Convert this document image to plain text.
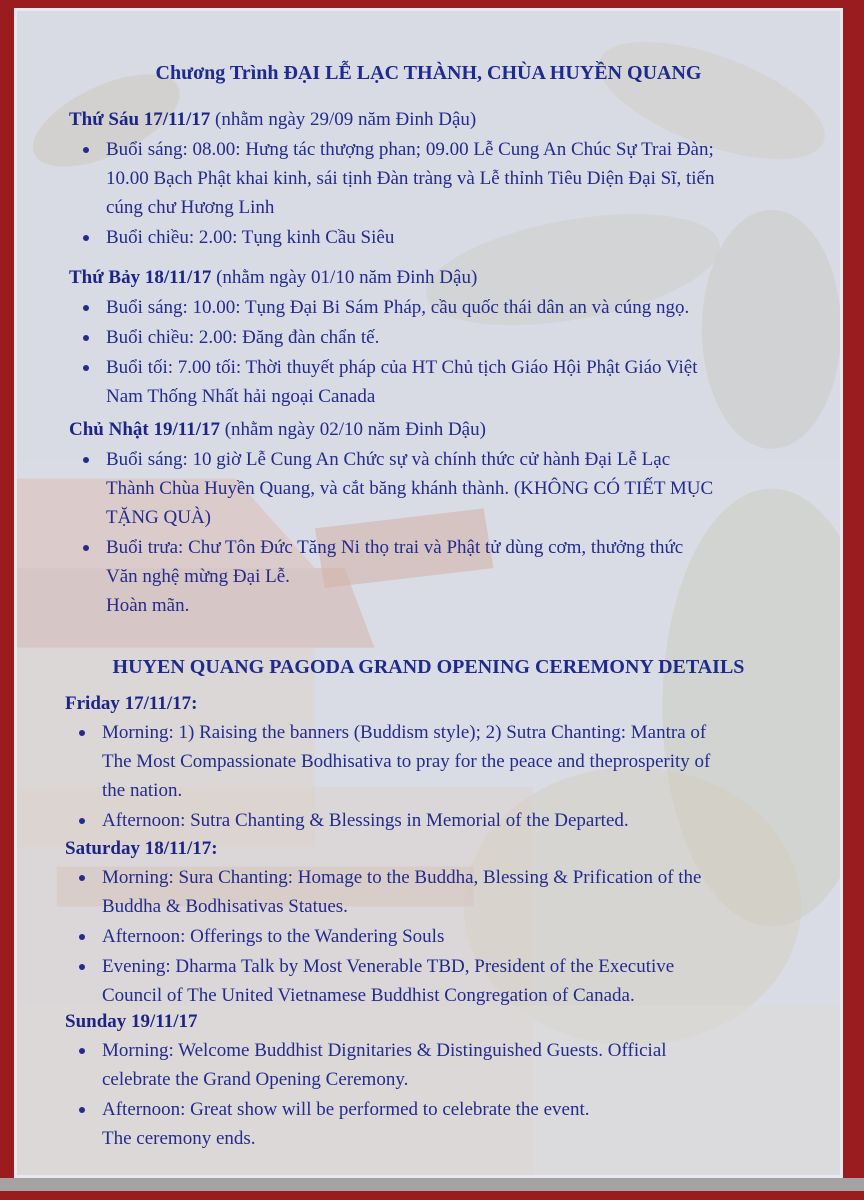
Chương Trình ĐẠI LỄ LẠC THÀNH, CHÙA HUYỀN QUANG
Thứ Sáu 17/11/17 (nhằm ngày 29/09 năm Đinh Dậu)
Buổi sáng: 08.00: Hưng tác thượng phan; 09.00 Lễ Cung An Chúc Sự Trai Đàn;
10.00 Bạch Phật khai kinh, sái tịnh Đàn tràng và Lễ thỉnh Tiêu Diện Đại Sĩ, tiến
cúng chư Hương Linh
Buổi chiều: 2.00: Tụng kinh Cầu Siêu
Thứ Bảy 18/11/17 (nhằm ngày 01/10 năm Đinh Dậu)
Buổi sáng: 10.00: Tụng Đại Bi Sám Pháp, cầu quốc thái dân an và cúng ngọ.
Buổi chiều: 2.00: Đăng đàn chẩn tế.
Buổi tối: 7.00 tối: Thời thuyết pháp của HT Chủ tịch Giáo Hội Phật Giáo Việt
Nam Thống Nhất hải ngoại Canada
Chủ Nhật 19/11/17 (nhằm ngày 02/10 năm Đinh Dậu)
Buổi sáng: 10 giờ Lễ Cung An Chức sự và chính thức cử hành Đại Lễ Lạc
Thành Chùa Huyền Quang, và cắt băng khánh thành. (KHÔNG CÓ TIẾT MỤC
TẶNG QUÀ)
Buổi trưa: Chư Tôn Đức Tăng Ni thọ trai và Phật tử dùng cơm, thưởng thức
Văn nghệ mừng Đại Lễ.
Hoàn mãn.
HUYEN QUANG PAGODA GRAND OPENING CEREMONY DETAILS
Friday 17/11/17:
Morning: 1) Raising the banners (Buddism style); 2) Sutra Chanting: Mantra of
The Most Compassionate Bodhisativa to pray for the peace and theprosperity of
the nation.
Afternoon: Sutra Chanting & Blessings in Memorial of the Departed.
Saturday 18/11/17:
Morning: Sura Chanting: Homage to the Buddha, Blessing & Prification of the
Buddha & Bodhisativas Statues.
Afternoon: Offerings to the Wandering Souls
Evening: Dharma Talk by Most Venerable TBD, President of the Executive
Council of The United Vietnamese Buddhist Congregation of Canada.
Sunday 19/11/17
Morning: Welcome Buddhist Dignitaries & Distinguished Guests. Official
celebrate the Grand Opening Ceremony.
Afternoon: Great show will be performed to celebrate the event.
The ceremony ends.
